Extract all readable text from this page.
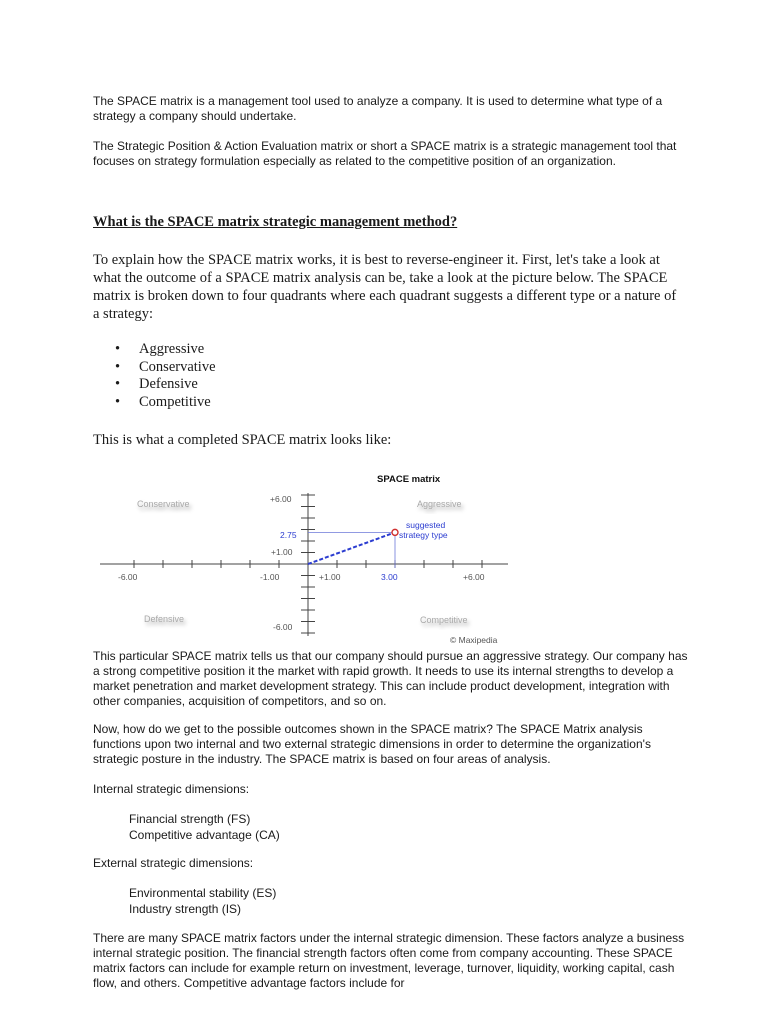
The SPACE matrix is a management tool used to analyze a company. It is used to determine what type of a strategy a company should undertake.

The Strategic Position & Action Evaluation matrix or short a SPACE matrix is a strategic management tool that focuses on strategy formulation especially as related to the competitive position of an organization.

What is the SPACE matrix strategic management method?

To explain how the SPACE matrix works, it is best to reverse-engineer it. First, let's take a look at what the outcome of a SPACE matrix analysis can be, take a look at the picture below. The SPACE matrix is broken down to four quadrants where each quadrant suggests a different type or a nature of a strategy:

• Aggressive
• Conservative
• Defensive
• Competitive

This is what a completed SPACE matrix looks like:

SPACE matrix
Conservative	Aggressive
Defensive	Competitive
+6.00
2.75
+1.00
-6.00
-6.00	-1.00	+1.00	3.00	+6.00
suggested
strategy type
© Maxipedia

This particular SPACE matrix tells us that our company should pursue an aggressive strategy. Our company has a strong competitive position it the market with rapid growth. It needs to use its internal strengths to develop a market penetration and market development strategy. This can include product development, integration with other companies, acquisition of competitors, and so on.

Now, how do we get to the possible outcomes shown in the SPACE matrix? The SPACE Matrix analysis functions upon two internal and two external strategic dimensions in order to determine the organization's strategic posture in the industry. The SPACE matrix is based on four areas of analysis.

Internal strategic dimensions:

Financial strength (FS)
Competitive advantage (CA)

External strategic dimensions:

Environmental stability (ES)
Industry strength (IS)

There are many SPACE matrix factors under the internal strategic dimension. These factors analyze a business internal strategic position. The financial strength factors often come from company accounting. These SPACE matrix factors can include for example return on investment, leverage, turnover, liquidity, working capital, cash flow, and others. Competitive advantage factors include for
